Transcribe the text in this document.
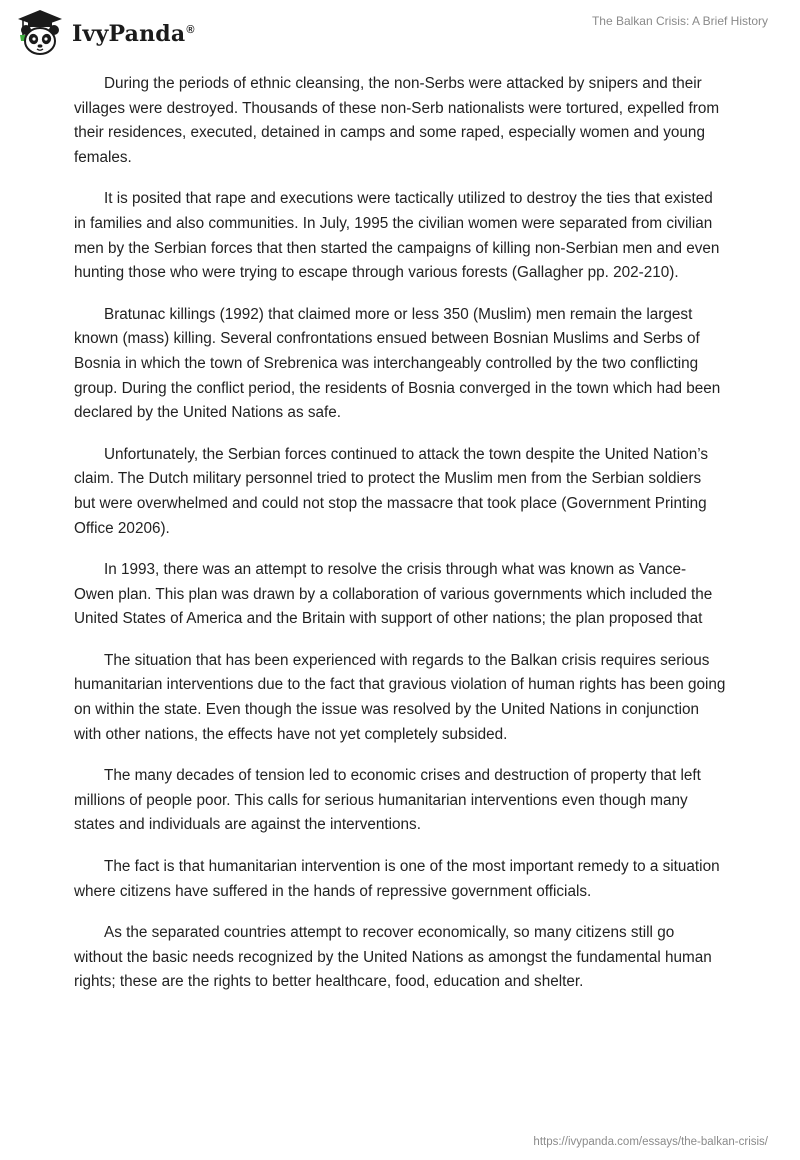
IvyPanda®
The Balkan Crisis: A Brief History

During the periods of ethnic cleansing, the non-Serbs were attacked by snipers and their villages were destroyed. Thousands of these non-Serb nationalists were tortured, expelled from their residences, executed, detained in camps and some raped, especially women and young females.

It is posited that rape and executions were tactically utilized to destroy the ties that existed in families and also communities. In July, 1995 the civilian women were separated from civilian men by the Serbian forces that then started the campaigns of killing non-Serbian men and even hunting those who were trying to escape through various forests (Gallagher pp. 202-210).

Bratunac killings (1992) that claimed more or less 350 (Muslim) men remain the largest known (mass) killing. Several confrontations ensued between Bosnian Muslims and Serbs of Bosnia in which the town of Srebrenica was interchangeably controlled by the two conflicting group. During the conflict period, the residents of Bosnia converged in the town which had been declared by the United Nations as safe.

Unfortunately, the Serbian forces continued to attack the town despite the United Nation’s claim. The Dutch military personnel tried to protect the Muslim men from the Serbian soldiers but were overwhelmed and could not stop the massacre that took place (Government Printing Office 20206).

In 1993, there was an attempt to resolve the crisis through what was known as Vance- Owen plan. This plan was drawn by a collaboration of various governments which included the United States of America and the Britain with support of other nations; the plan proposed that

The situation that has been experienced with regards to the Balkan crisis requires serious humanitarian interventions due to the fact that gravious violation of human rights has been going on within the state. Even though the issue was resolved by the United Nations in conjunction with other nations, the effects have not yet completely subsided.

The many decades of tension led to economic crises and destruction of property that left millions of people poor. This calls for serious humanitarian interventions even though many states and individuals are against the interventions.

The fact is that humanitarian intervention is one of the most important remedy to a situation where citizens have suffered in the hands of repressive government officials.

As the separated countries attempt to recover economically, so many citizens still go without the basic needs recognized by the United Nations as amongst the fundamental human rights; these are the rights to better healthcare, food, education and shelter.

https://ivypanda.com/essays/the-balkan-crisis/
